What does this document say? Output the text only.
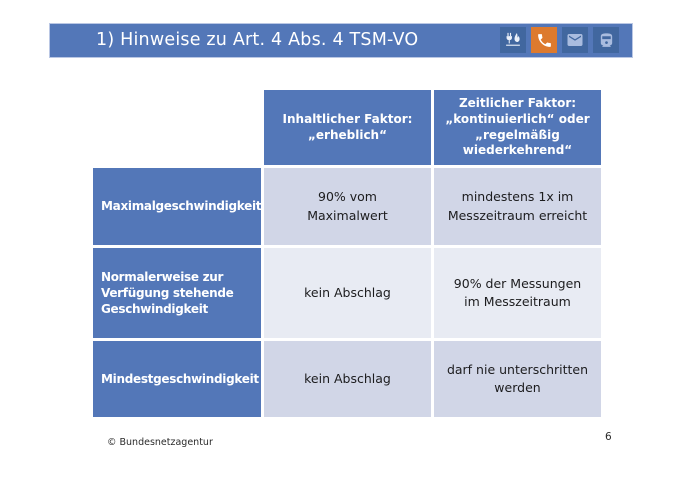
1) Hinweise zu Art. 4 Abs. 4 TSM-VO
Inhaltlicher Faktor: „erheblich“
Zeitlicher Faktor: „kontinuierlich“ oder „regelmäßig wiederkehrend“
Maximalgeschwindigkeit
90% vom Maximalwert
mindestens 1x im Messzeitraum erreicht
Normalerweise zur Verfügung stehende Geschwindigkeit
kein Abschlag
90% der Messungen im Messzeitraum
Mindestgeschwindigkeit	kein Abschlag
darf nie unterschritten werden
© Bundesnetzagentur	6
